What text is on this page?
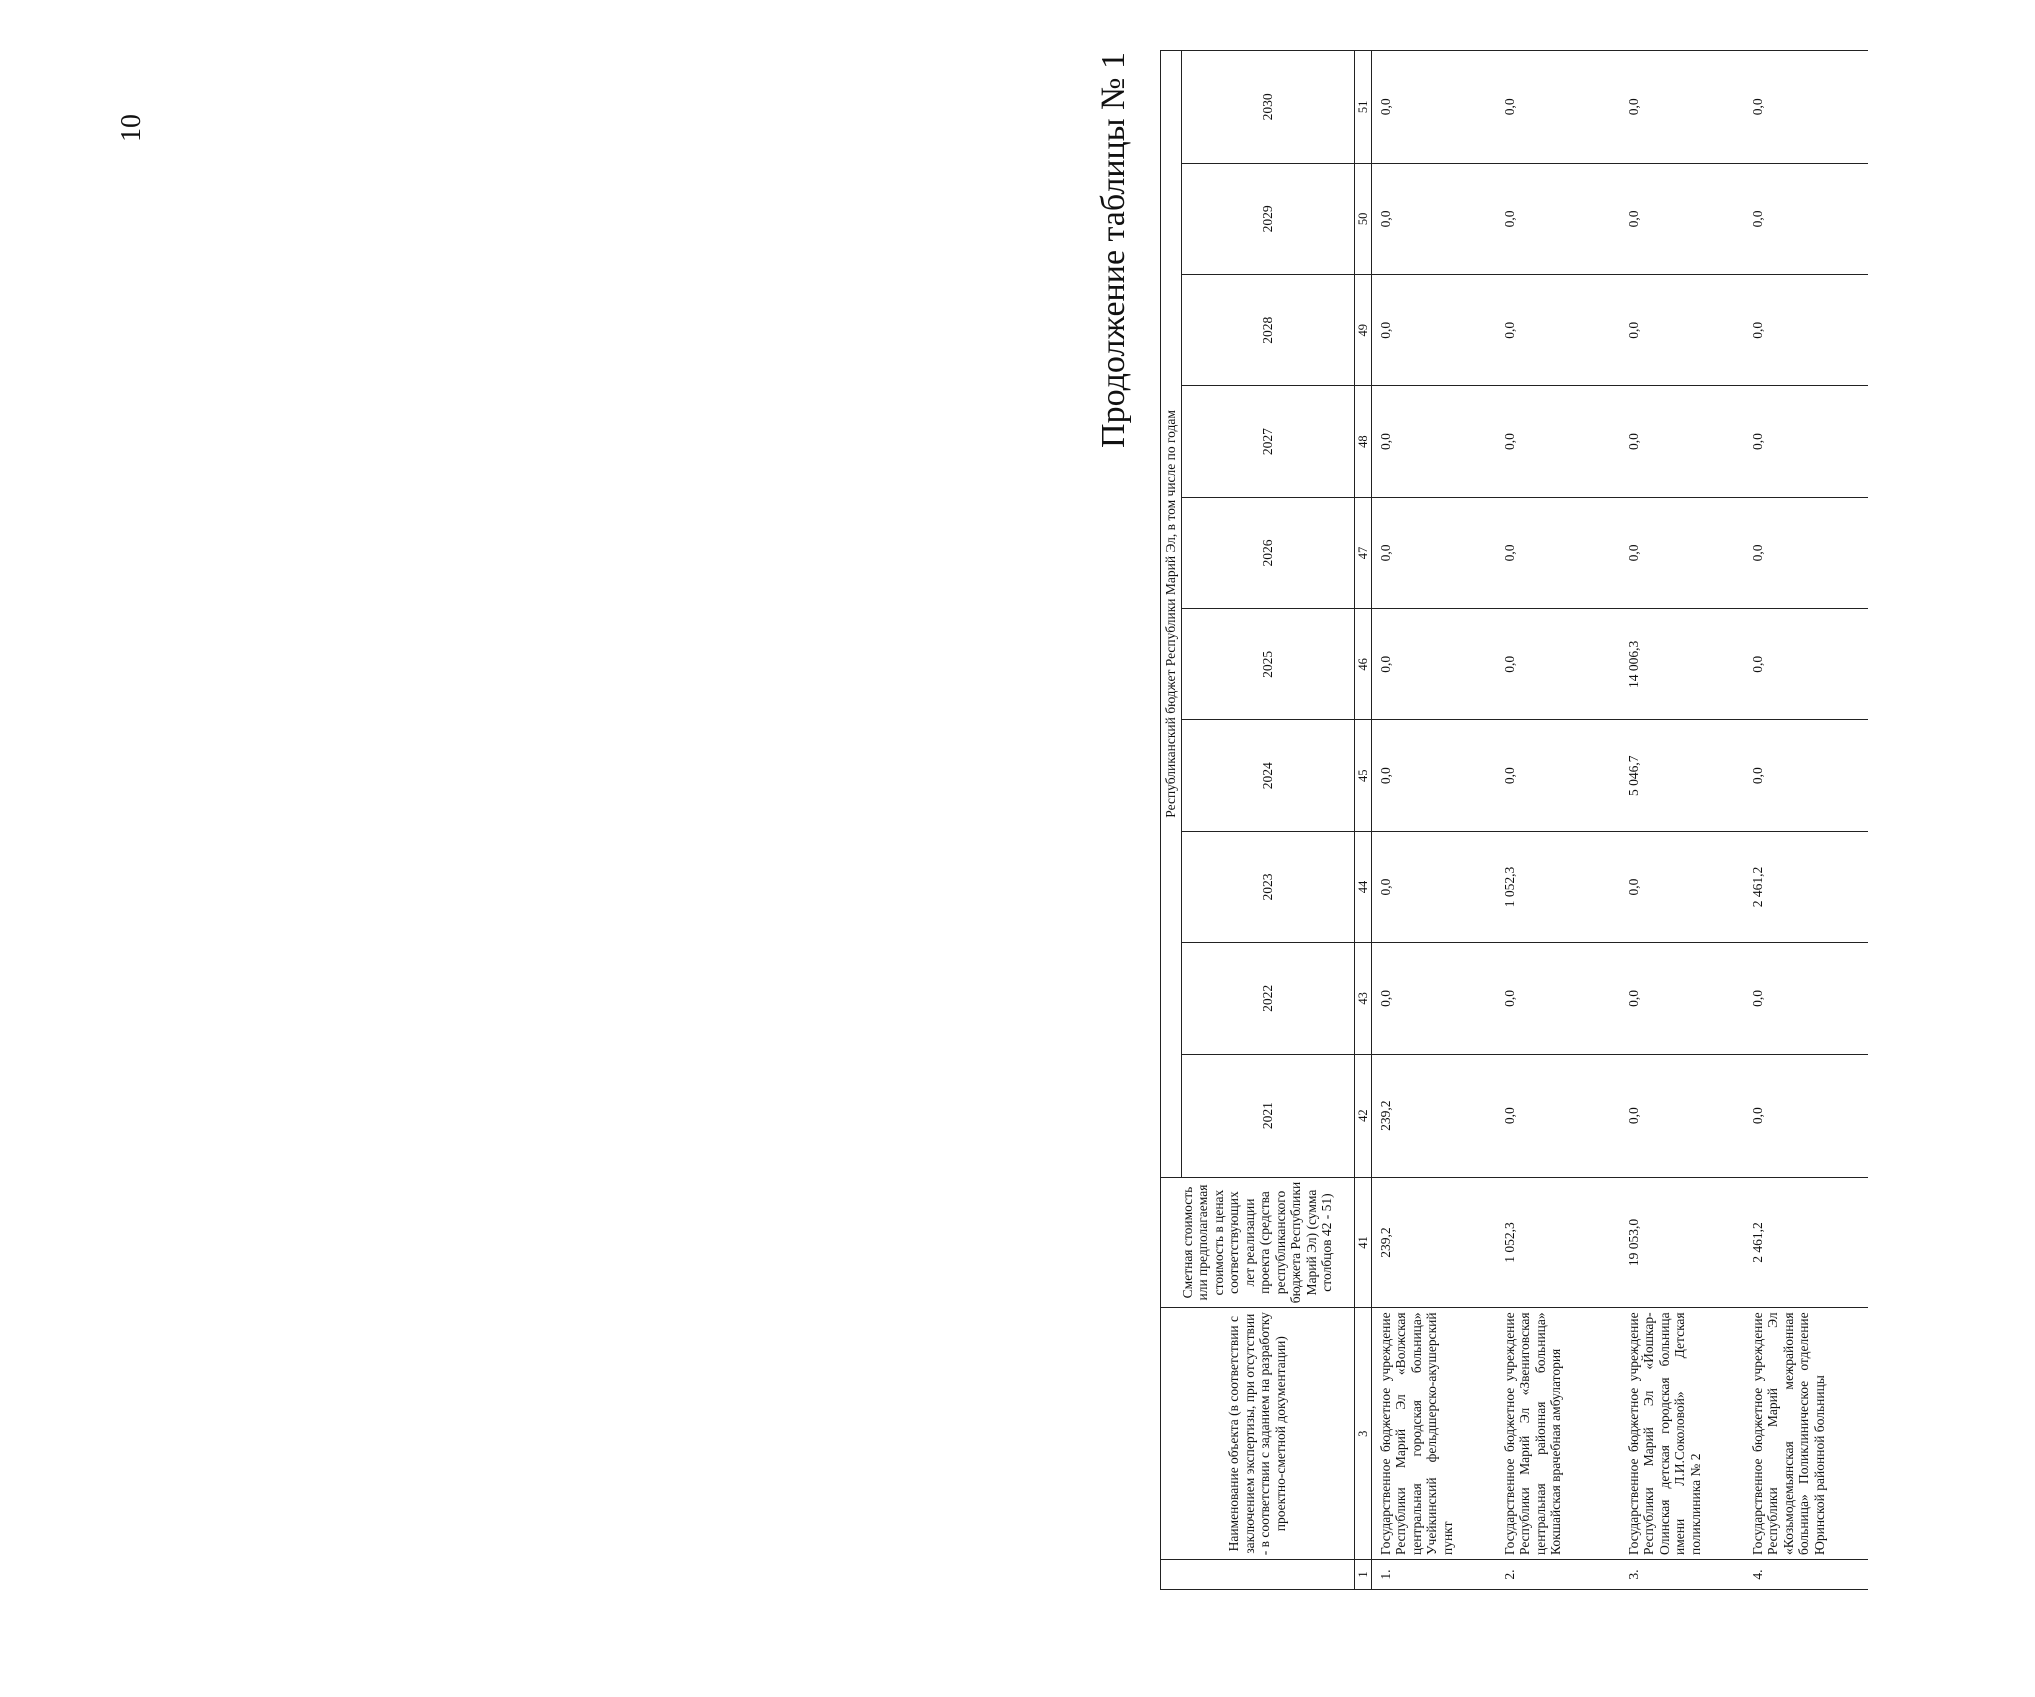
10	Продолжение таблицы № 1
	Наименование объекта (в соответствии с заключением экспертизы, при отсутствии - в соответствии с заданием на разработку проектно-сметной документации)	Сметная стоимость или предполагаемая стоимость в ценах соответствующих лет реализации проекта (средства республиканского бюджета Республики Марий Эл) (сумма столбцов 42 - 51)	Республиканский бюджет Республики Марий Эл, в том числе по годам									
			2021	2022	2023	2024	2025	2026	2027	2028	2029	2030
1	3	41	42	43	44	45	46	47	48	49	50	51
1.	Государственное бюджетное учреждение Республики Марий Эл «Волжская центральная городская больница» Учейкинский фельдшерско-акушерский пункт	239,2	239,2	0,0	0,0	0,0	0,0	0,0	0,0	0,0	0,0	0,0
2.	Государственное бюджетное учреждение Республики Марий Эл «Звениговская центральная районная больница» Кокшайская врачебная амбулатория	1 052,3	0,0	0,0	1 052,3	0,0	0,0	0,0	0,0	0,0	0,0	0,0
3.	Государственное бюджетное учреждение Республики Марий Эл «Йошкар-Олинская детская городская больница имени Л.И.Соколовой» Детская поликлиника № 2	19 053,0	0,0	0,0	0,0	5 046,7	14 006,3	0,0	0,0	0,0	0,0	0,0
4.	Государственное бюджетное учреждение Республики Марий Эл «Козьмодемьянская межрайонная больница» Поликлиническое отделение Юринской районной больницы	2 461,2	0,0	0,0	2 461,2	0,0	0,0	0,0	0,0	0,0	0,0	0,0
